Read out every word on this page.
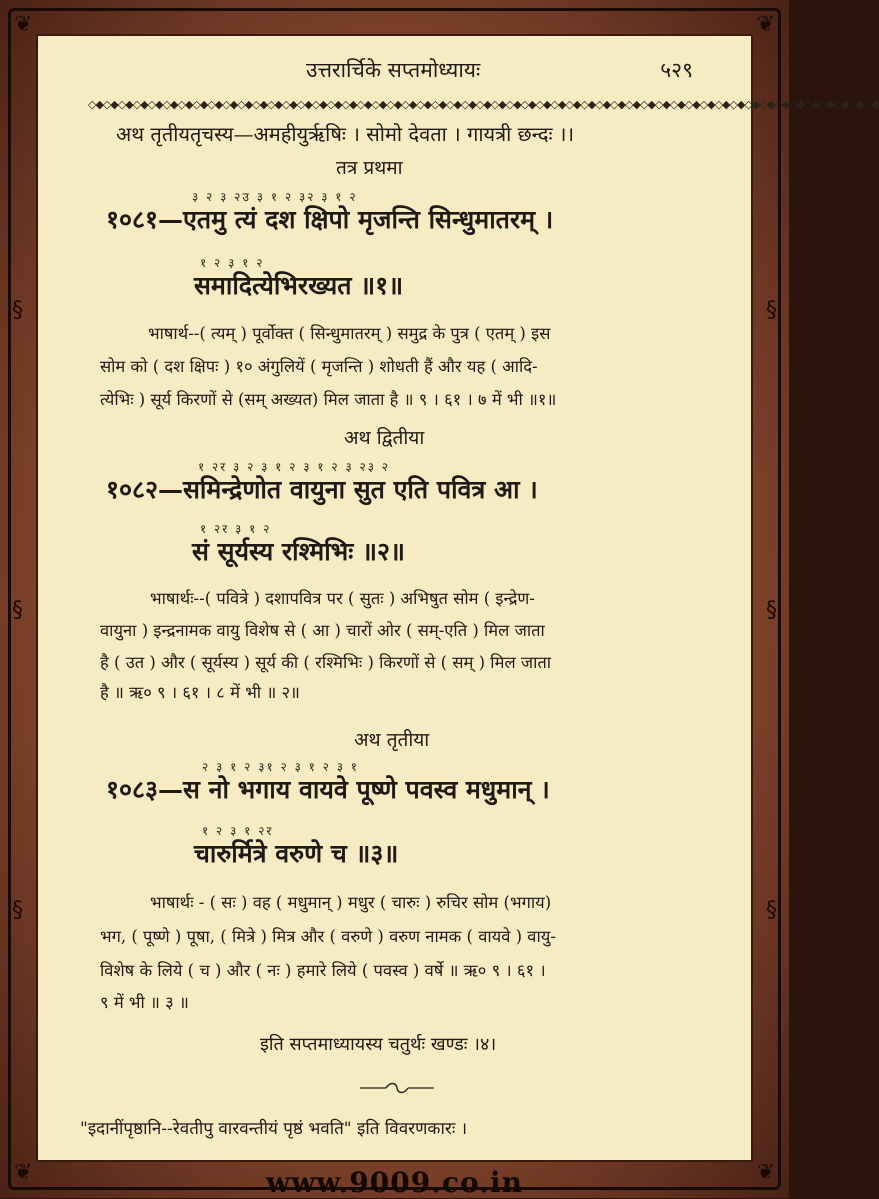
❦	❦
❦	❦
§
§
§
§
§
§
उत्तरार्चिके सप्तमोध्यायः	५२९
◇◆◇◆◇◆◇◆◇◆◇◆◇◆◇◆◇◆◇◆◇◆◇◆◇◆◇◆◇◆◇◆◇◆◇◆◇◆◇◆◇◆◇◆◇◆◇◆◇◆◇◆◇◆◇◆◇◆◇◆◇◆◇◆◇◆◇◆◇◆◇◆◇◆◇◆◇◆◇◆◇◆◇◆◇◆◇◆◇◆◇◆◇◆◇◆◇◆◇◆◇◆◇◆◇◆
अथ तृतीयतृचस्य—अमहीयुर्ऋषिः । सोमो देवता । गायत्री छन्दः ।।
तत्र प्रथमा
३ २ ३ २उ ३ १ २ ३२ ३ १ २
१०८१—एतमु त्यं दश क्षिपो मृजन्ति सिन्धुमातरम् ।
१ २ ३ १ २
समादित्येभिरख्यत ॥१॥
भाषार्थ--( त्यम् ) पूर्वोक्त ( सिन्धुमातरम् ) समुद्र के पुत्र ( एतम् ) इस
सोम को ( दश क्षिपः ) १० अंगुलियें ( मृजन्ति ) शोधती हैं और यह ( आदि-
त्येभिः ) सूर्य किरणों से (सम् अख्यत) मिल जाता है ॥ ९ । ६१ । ७ में भी ॥१॥
अथ द्वितीया
१ २र ३ २ ३ १ २ ३ १ २ ३ २३ २
१०८२—समिन्द्रेणोत वायुना सुत एति पवित्र आ ।
१ २र ३ १ २
सं सूर्यस्य रश्मिभिः ॥२॥
भाषार्थः--( पवित्रे ) दशापवित्र पर ( सुतः ) अभिषुत सोम ( इन्द्रेण-
वायुना ) इन्द्रनामक वायु विशेष से ( आ ) चारों ओर ( सम्-एति ) मिल जाता
है ( उत ) और ( सूर्यस्य ) सूर्य की ( रश्मिभिः ) किरणों से ( सम् ) मिल जाता
है ॥ ऋ० ९ । ६१ । ८ में भी ॥ २॥
अथ तृतीया
२ ३ १ २ ३१ २ ३ १ २ ३ १
१०८३—स नो भगाय वायवे पूष्णे पवस्व मधुमान् ।
१ २ ३ १ २र
चारुर्मित्रे वरुणे च ॥३॥
भाषार्थः - ( सः ) वह ( मधुमान् ) मधुर ( चारुः ) रुचिर सोम (भगाय)
भग, ( पूष्णे ) पूषा, ( मित्रे ) मित्र और ( वरुणे ) वरुण नामक ( वायवे ) वायु-
विशेष के लिये ( च ) और ( नः ) हमारे लिये ( पवस्व ) वर्षे ॥ ऋ० ९ । ६१ ।
९ में भी ॥ ३ ॥
इति सप्तमाध्यायस्य चतुर्थः खण्डः ।४।
"इदानींपृष्ठानि--रेवतीपु वारवन्तीयं पृष्ठं भवति" इति विवरणकारः ।
www.9009.co.in
